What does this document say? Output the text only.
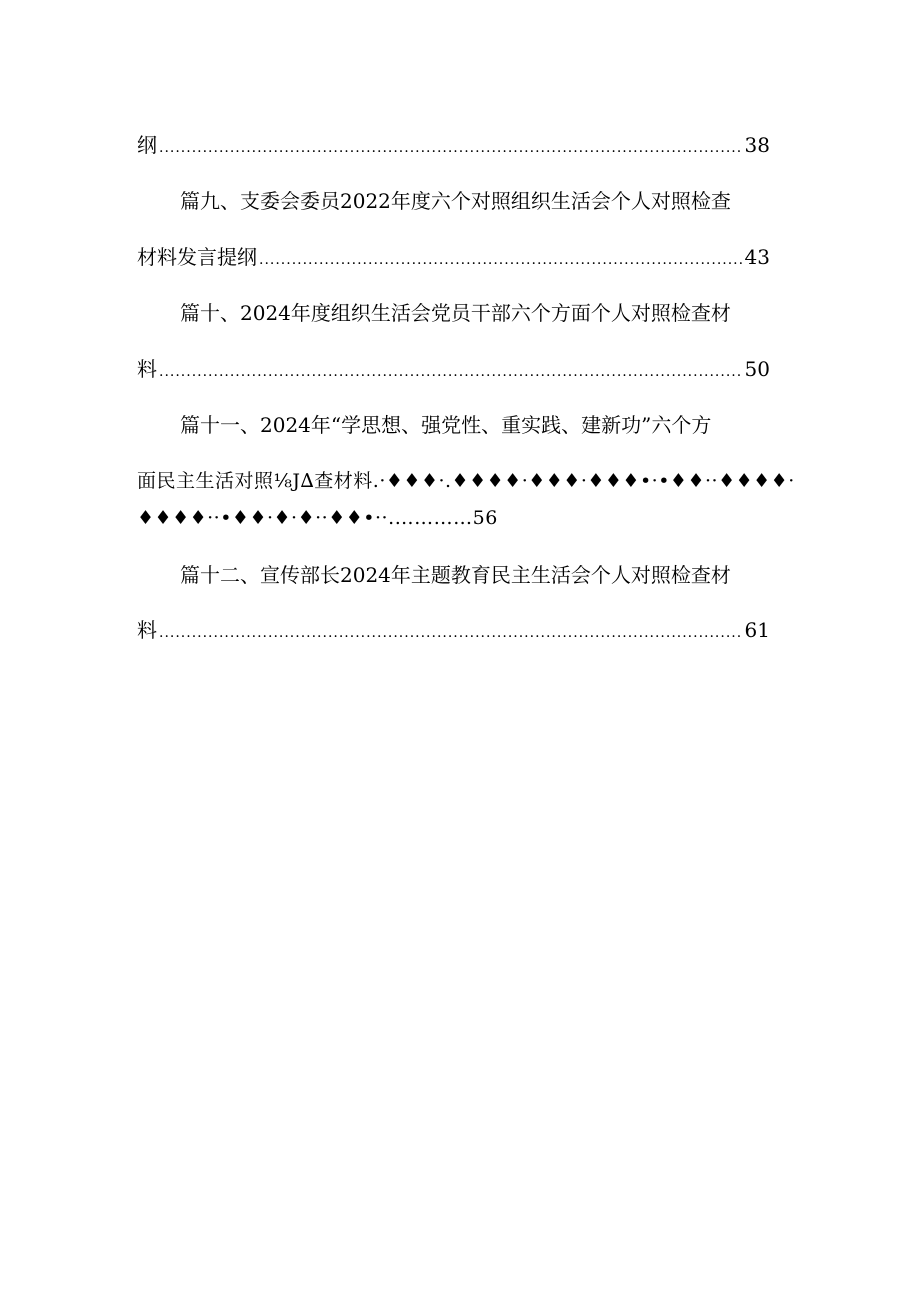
纲 .....	38
篇九、支委会委员2022年度六个对照组织生活会个人对照检查
材料发言提纲 .....	43
篇十、2024年度组织生活会党员干部六个方面个人对照检查材
料 .....	50
篇十一、2024年“学思想、强党性、重实践、建新功”六个方
面民主生活对照⅛J∆查材料.·♦♦♦·.♦♦♦♦·♦♦♦·♦♦♦•·•♦♦··♦♦♦♦·
♦♦♦♦··•♦♦·♦·♦··♦♦•··.…………56
篇十二、宣传部长2024年主题教育民主生活会个人对照检查材
料 .....	61
